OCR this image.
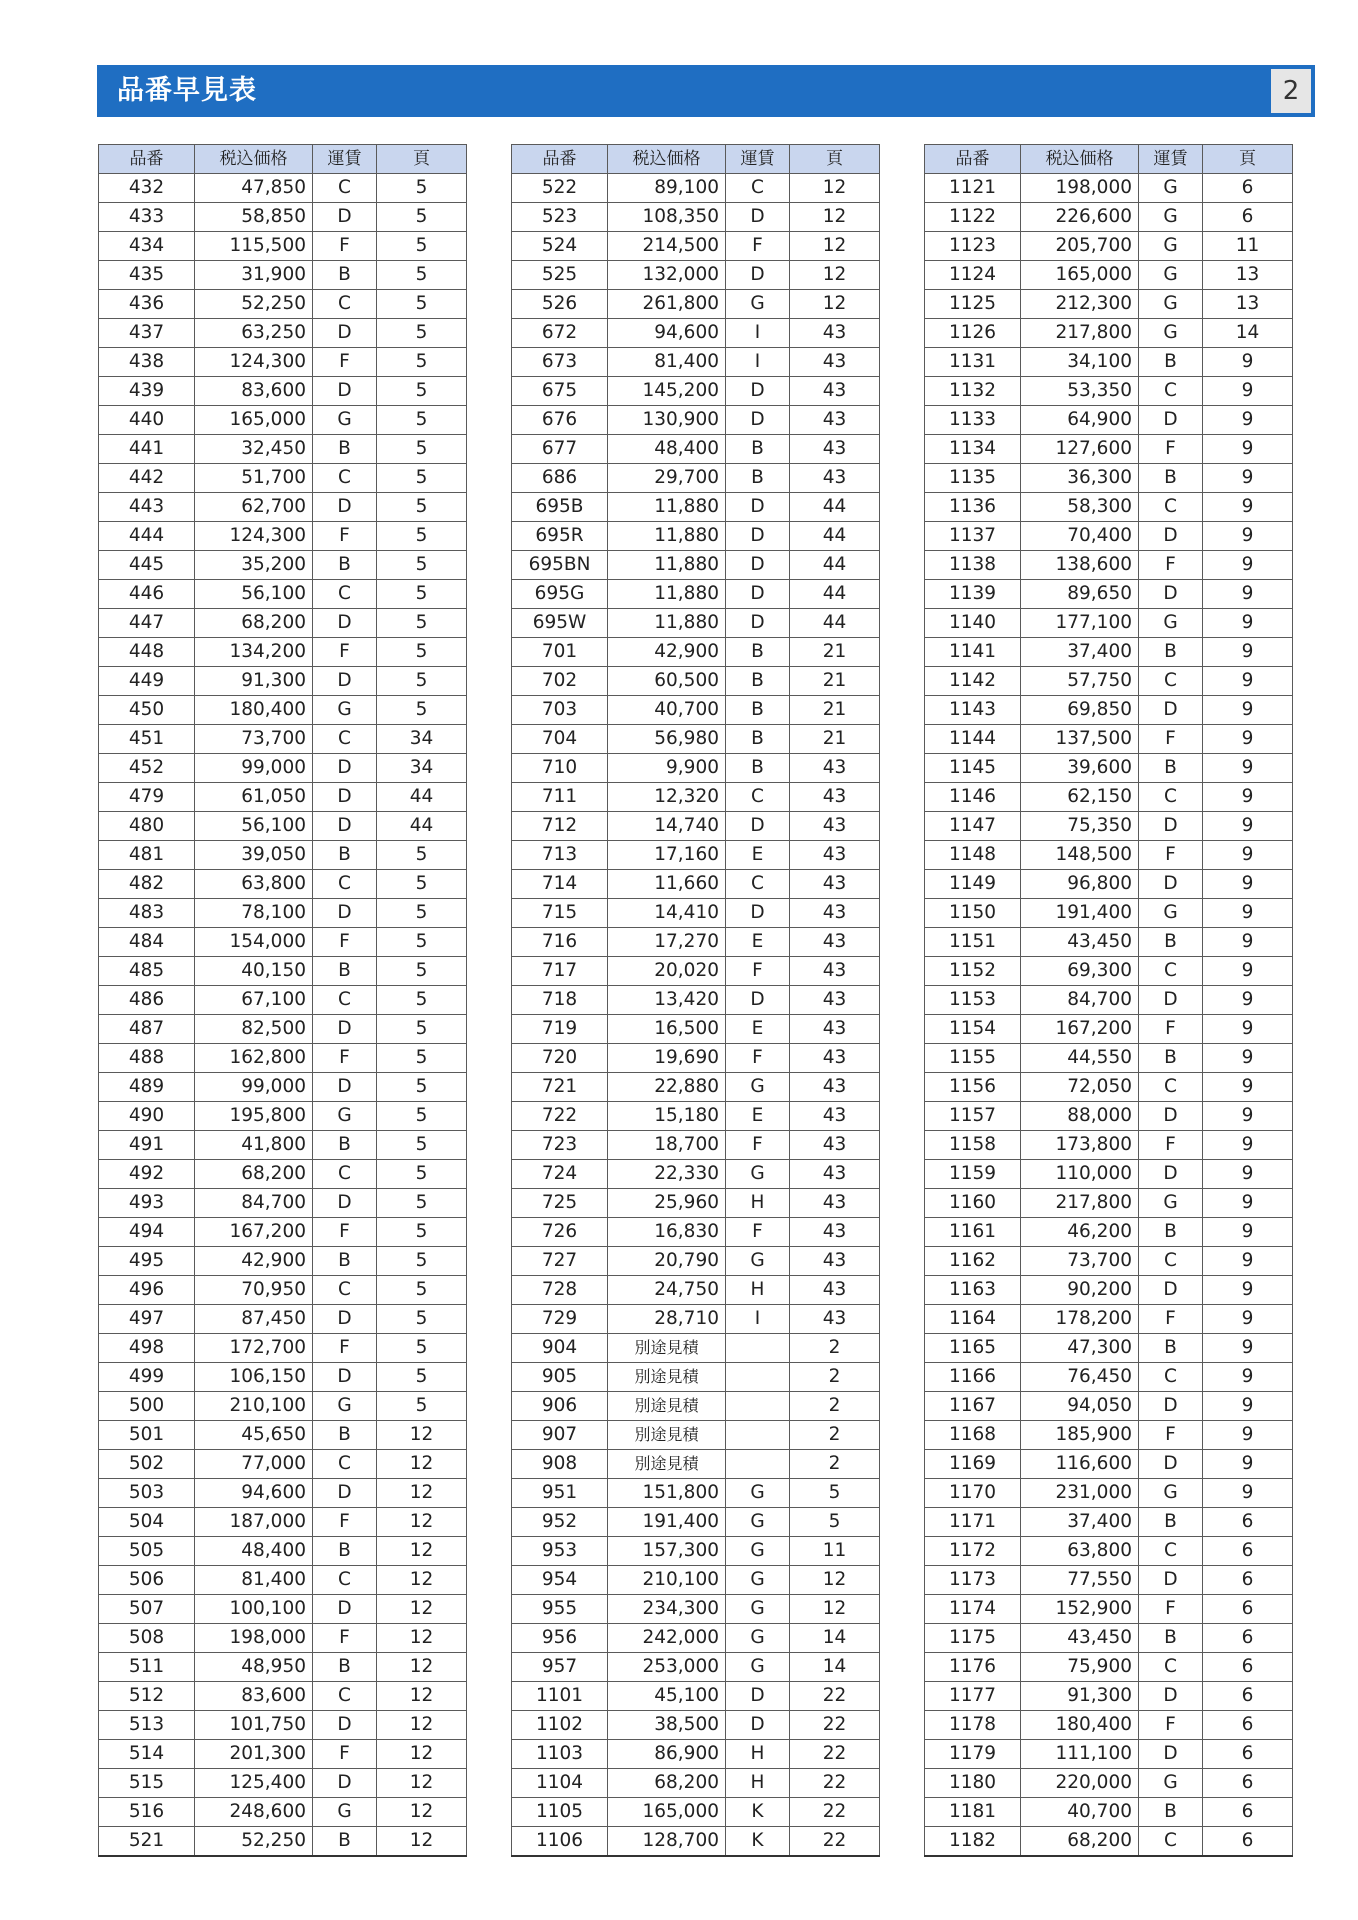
品番早見表	2
品番	税込価格	運賃	頁
432	47,850	C	5
433	58,850	D	5
434	115,500	F	5
435	31,900	B	5
436	52,250	C	5
437	63,250	D	5
438	124,300	F	5
439	83,600	D	5
440	165,000	G	5
441	32,450	B	5
442	51,700	C	5
443	62,700	D	5
444	124,300	F	5
445	35,200	B	5
446	56,100	C	5
447	68,200	D	5
448	134,200	F	5
449	91,300	D	5
450	180,400	G	5
451	73,700	C	34
452	99,000	D	34
479	61,050	D	44
480	56,100	D	44
481	39,050	B	5
482	63,800	C	5
483	78,100	D	5
484	154,000	F	5
485	40,150	B	5
486	67,100	C	5
487	82,500	D	5
488	162,800	F	5
489	99,000	D	5
490	195,800	G	5
491	41,800	B	5
492	68,200	C	5
493	84,700	D	5
494	167,200	F	5
495	42,900	B	5
496	70,950	C	5
497	87,450	D	5
498	172,700	F	5
499	106,150	D	5
500	210,100	G	5
501	45,650	B	12
502	77,000	C	12
503	94,600	D	12
504	187,000	F	12
505	48,400	B	12
506	81,400	C	12
507	100,100	D	12
508	198,000	F	12
511	48,950	B	12
512	83,600	C	12
513	101,750	D	12
514	201,300	F	12
515	125,400	D	12
516	248,600	G	12
521	52,250	B	12
品番	税込価格	運賃	頁
522	89,100	C	12
523	108,350	D	12
524	214,500	F	12
525	132,000	D	12
526	261,800	G	12
672	94,600	I	43
673	81,400	I	43
675	145,200	D	43
676	130,900	D	43
677	48,400	B	43
686	29,700	B	43
695B	11,880	D	44
695R	11,880	D	44
695BN	11,880	D	44
695G	11,880	D	44
695W	11,880	D	44
701	42,900	B	21
702	60,500	B	21
703	40,700	B	21
704	56,980	B	21
710	9,900	B	43
711	12,320	C	43
712	14,740	D	43
713	17,160	E	43
714	11,660	C	43
715	14,410	D	43
716	17,270	E	43
717	20,020	F	43
718	13,420	D	43
719	16,500	E	43
720	19,690	F	43
721	22,880	G	43
722	15,180	E	43
723	18,700	F	43
724	22,330	G	43
725	25,960	H	43
726	16,830	F	43
727	20,790	G	43
728	24,750	H	43
729	28,710	I	43
904	別途見積		2
905	別途見積		2
906	別途見積		2
907	別途見積		2
908	別途見積		2
951	151,800	G	5
952	191,400	G	5
953	157,300	G	11
954	210,100	G	12
955	234,300	G	12
956	242,000	G	14
957	253,000	G	14
1101	45,100	D	22
1102	38,500	D	22
1103	86,900	H	22
1104	68,200	H	22
1105	165,000	K	22
1106	128,700	K	22
品番	税込価格	運賃	頁
1121	198,000	G	6
1122	226,600	G	6
1123	205,700	G	11
1124	165,000	G	13
1125	212,300	G	13
1126	217,800	G	14
1131	34,100	B	9
1132	53,350	C	9
1133	64,900	D	9
1134	127,600	F	9
1135	36,300	B	9
1136	58,300	C	9
1137	70,400	D	9
1138	138,600	F	9
1139	89,650	D	9
1140	177,100	G	9
1141	37,400	B	9
1142	57,750	C	9
1143	69,850	D	9
1144	137,500	F	9
1145	39,600	B	9
1146	62,150	C	9
1147	75,350	D	9
1148	148,500	F	9
1149	96,800	D	9
1150	191,400	G	9
1151	43,450	B	9
1152	69,300	C	9
1153	84,700	D	9
1154	167,200	F	9
1155	44,550	B	9
1156	72,050	C	9
1157	88,000	D	9
1158	173,800	F	9
1159	110,000	D	9
1160	217,800	G	9
1161	46,200	B	9
1162	73,700	C	9
1163	90,200	D	9
1164	178,200	F	9
1165	47,300	B	9
1166	76,450	C	9
1167	94,050	D	9
1168	185,900	F	9
1169	116,600	D	9
1170	231,000	G	9
1171	37,400	B	6
1172	63,800	C	6
1173	77,550	D	6
1174	152,900	F	6
1175	43,450	B	6
1176	75,900	C	6
1177	91,300	D	6
1178	180,400	F	6
1179	111,100	D	6
1180	220,000	G	6
1181	40,700	B	6
1182	68,200	C	6
